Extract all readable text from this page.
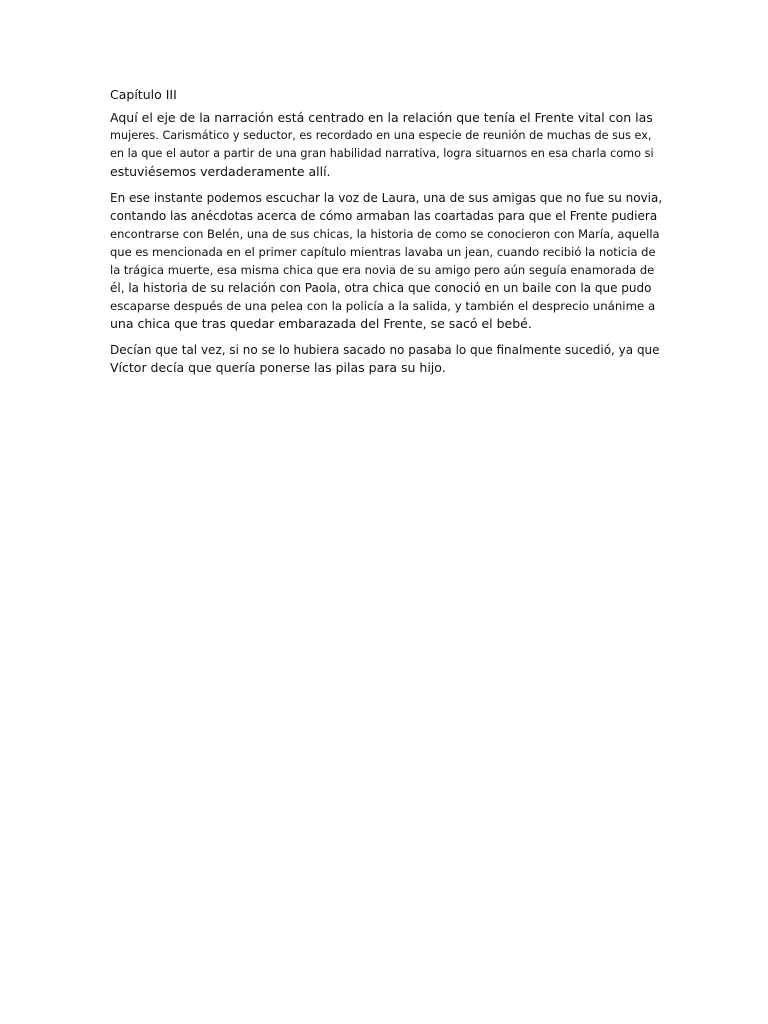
Capítulo III
Aquí el eje de la narración está centrado en la relación que tenía el Frente vital con las
mujeres. Carismático y seductor, es recordado en una especie de reunión de muchas de sus ex,
en la que el autor a partir de una gran habilidad narrativa, logra situarnos en esa charla como si
estuviésemos verdaderamente allí.
En ese instante podemos escuchar la voz de Laura, una de sus amigas que no fue su novia,
contando las anécdotas acerca de cómo armaban las coartadas para que el Frente pudiera
encontrarse con Belén, una de sus chicas, la historia de como se conocieron con María, aquella
que es mencionada en el primer capítulo mientras lavaba un jean, cuando recibió la noticia de
la trágica muerte, esa misma chica que era novia de su amigo pero aún seguía enamorada de
él, la historia de su relación con Paola, otra chica que conoció en un baile con la que pudo
escaparse después de una pelea con la policía a la salida, y también el desprecio unánime a
una chica que tras quedar embarazada del Frente, se sacó el bebé.
Decían que tal vez, si no se lo hubiera sacado no pasaba lo que finalmente sucedió, ya que
Víctor decía que quería ponerse las pilas para su hijo.
